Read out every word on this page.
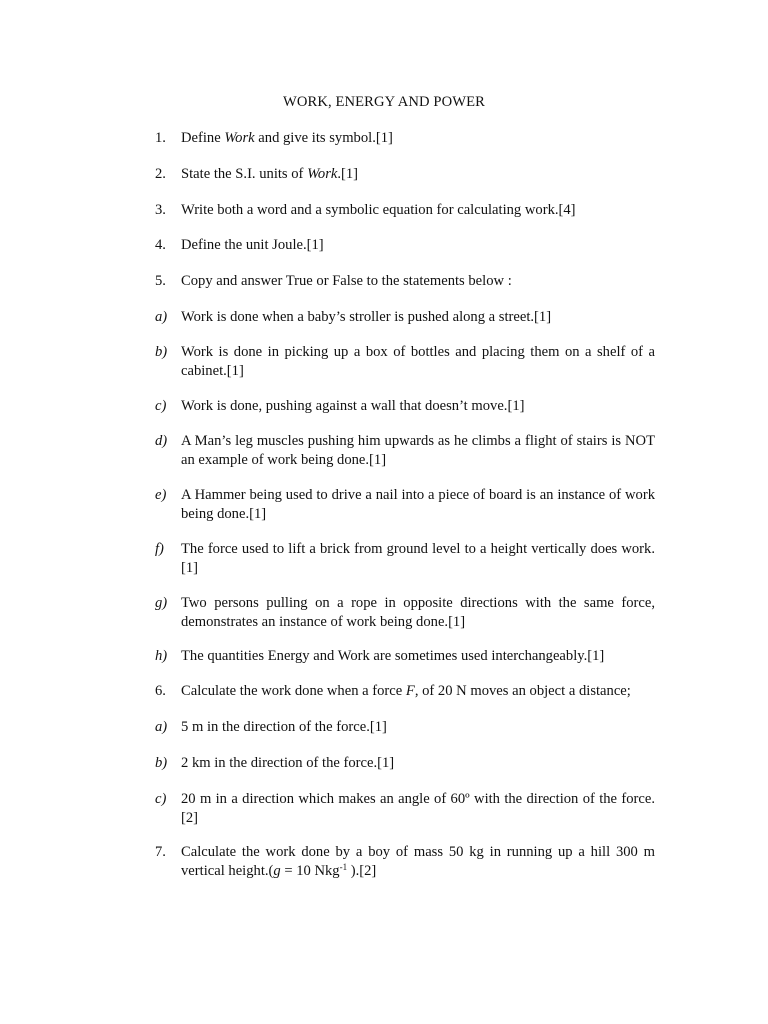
WORK, ENERGY AND POWER
1. Define Work and give its symbol.[1]
2. State the S.I. units of Work.[1]
3. Write both a word and a symbolic equation for calculating work.[4]
4. Define the unit Joule.[1]
5. Copy and answer True or False to the statements below :
a) Work is done when a baby’s stroller is pushed along a street.[1]
b) Work is done in picking up a box of bottles and placing them on a shelf of a cabinet.[1]
c) Work is done, pushing against a wall that doesn’t move.[1]
d) A Man’s leg muscles pushing him upwards as he climbs a flight of stairs is NOT an example of work being done.[1]
e) A Hammer being used to drive a nail into a piece of board is an instance of work being done.[1]
f) The force used to lift a brick from ground level to a height vertically does work.[1]
g) Two persons pulling on a rope in opposite directions with the same force, demonstrates an instance of work being done.[1]
h) The quantities Energy and Work are sometimes used interchangeably.[1]
6. Calculate the work done when a force F, of 20 N moves an object a distance;
a) 5 m in the direction of the force.[1]
b) 2 km in the direction of the force.[1]
c) 20 m in a direction which makes an angle of 60º with the direction of the force.[2]
7. Calculate the work done by a boy of mass 50 kg in running up a hill 300 m vertical height.(g = 10 Nkg$^{-1}$ ).[2]
